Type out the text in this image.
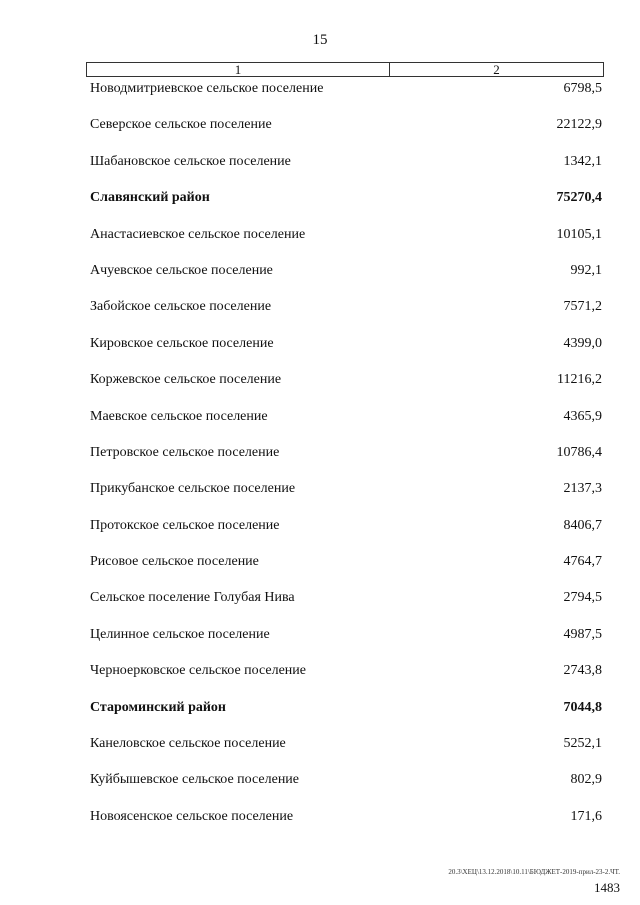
15
1	2
Новодмитриевское сельское поселение	6798,5
Северское сельское поселение	22122,9
Шабановское сельское поселение	1342,1
Славянский район	75270,4
Анастасиевское сельское поселение	10105,1
Ачуевское сельское поселение	992,1
Забойское сельское поселение	7571,2
Кировское сельское поселение	4399,0
Коржевское сельское поселение	11216,2
Маевское сельское поселение	4365,9
Петровское сельское поселение	10786,4
Прикубанское сельское поселение	2137,3
Протокское сельское поселение	8406,7
Рисовое сельское поселение	4764,7
Сельское поселение Голубая Нива	2794,5
Целинное сельское поселение	4987,5
Черноерковское сельское поселение	2743,8
Староминский район	7044,8
Канеловское сельское поселение	5252,1
Куйбышевское сельское поселение	802,9
Новоясенское сельское поселение	171,6
20.3\ХЕЦ\13.12.2018\10.11\БЮДЖЕТ-2019-прил-23-2.ЧТ.
1483
